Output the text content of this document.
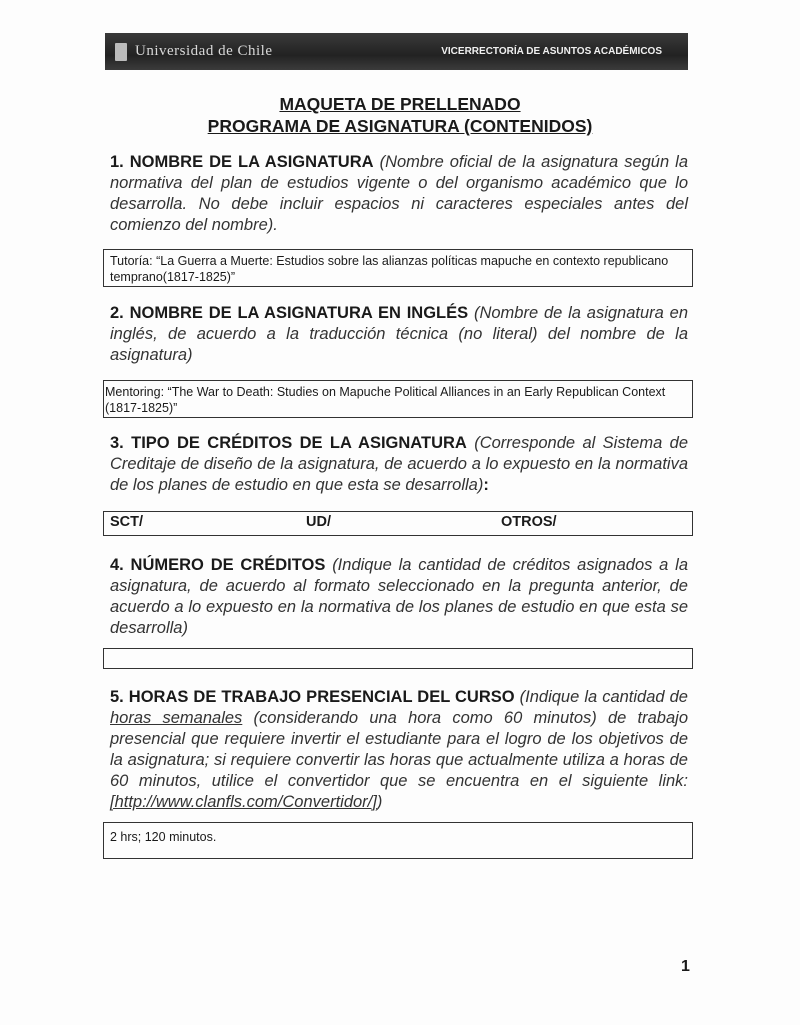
Universidad de Chile	VICERRECTORÍA DE ASUNTOS ACADÉMICOS
MAQUETA DE PRELLENADO
PROGRAMA DE ASIGNATURA (CONTENIDOS)
1. NOMBRE DE LA ASIGNATURA (Nombre oficial de la asignatura según la normativa del plan de estudios vigente o del organismo académico que lo desarrolla. No debe incluir espacios ni caracteres especiales antes del comienzo del nombre).
Tutoría: “La Guerra a Muerte: Estudios sobre las alianzas políticas mapuche en contexto republicano temprano(1817-1825)”
2. NOMBRE DE LA ASIGNATURA EN INGLÉS (Nombre de la asignatura en inglés, de acuerdo a la traducción técnica (no literal) del nombre de la asignatura)
Mentoring: “The War to Death: Studies on Mapuche Political Alliances in an Early Republican Context (1817-1825)”
3. TIPO DE CRÉDITOS DE LA ASIGNATURA (Corresponde al Sistema de Creditaje de diseño de la asignatura, de acuerdo a lo expuesto en la normativa de los planes de estudio en que esta se desarrolla):
SCT/	UD/	OTROS/
4. NÚMERO DE CRÉDITOS (Indique la cantidad de créditos asignados a la asignatura, de acuerdo al formato seleccionado en la pregunta anterior, de acuerdo a lo expuesto en la normativa de los planes de estudio en que esta se desarrolla)
5. HORAS DE TRABAJO PRESENCIAL DEL CURSO (Indique la cantidad de horas semanales (considerando una hora como 60 minutos) de trabajo presencial que requiere invertir el estudiante para el logro de los objetivos de la asignatura; si requiere convertir las horas que actualmente utiliza a horas de 60 minutos, utilice el convertidor que se encuentra en el siguiente link: [http://www.clanfls.com/Convertidor/])
2 hrs; 120 minutos.
1
